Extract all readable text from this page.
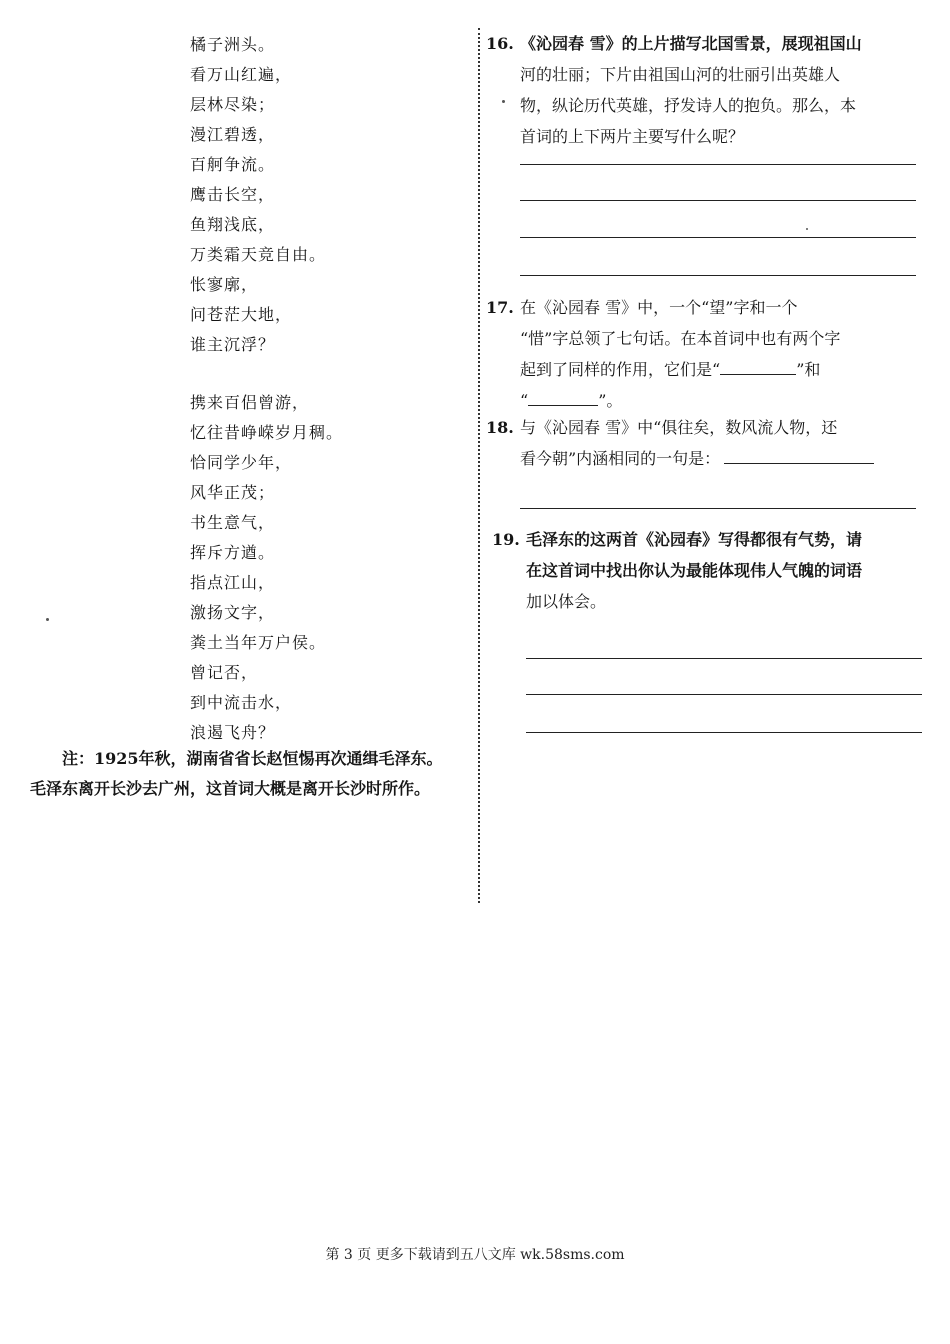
橘子洲头。
看万山红遍，
层林尽染；
漫江碧透，
百舸争流。
鹰击长空，
鱼翔浅底，
万类霜天竞自由。
怅寥廓，
问苍茫大地，
谁主沉浮？
携来百侣曾游，
忆往昔峥嵘岁月稠。
恰同学少年，
风华正茂；
书生意气，
挥斥方遒。
指点江山，
激扬文字，
粪土当年万户侯。
曾记否，
到中流击水，
浪遏飞舟？
注：1925年秋，湖南省省长赵恒惕再次通缉毛泽东。毛泽东离开长沙去广州，这首词大概是离开长沙时所作。
16. 《沁园春 雪》的上片描写北国雪景，展现祖国山
河的壮丽；下片由祖国山河的壮丽引出英雄人
物，纵论历代英雄，抒发诗人的抱负。那么，本
首词的上下两片主要写什么呢？
17. 在《沁园春 雪》中，一个“望”字和一个
“惜”字总领了七句话。在本首词中也有两个字
起到了同样的作用，它们是“	”和
“	”。
18. 与《沁园春 雪》中“俱往矣，数风流人物，还
看今朝”内涵相同的一句是：
19. 毛泽东的这两首《沁园春》写得都很有气势，请
在这首词中找出你认为最能体现伟人气魄的词语
加以体会。
第 3 页 更多下载请到五八文库 wk.58sms.com
